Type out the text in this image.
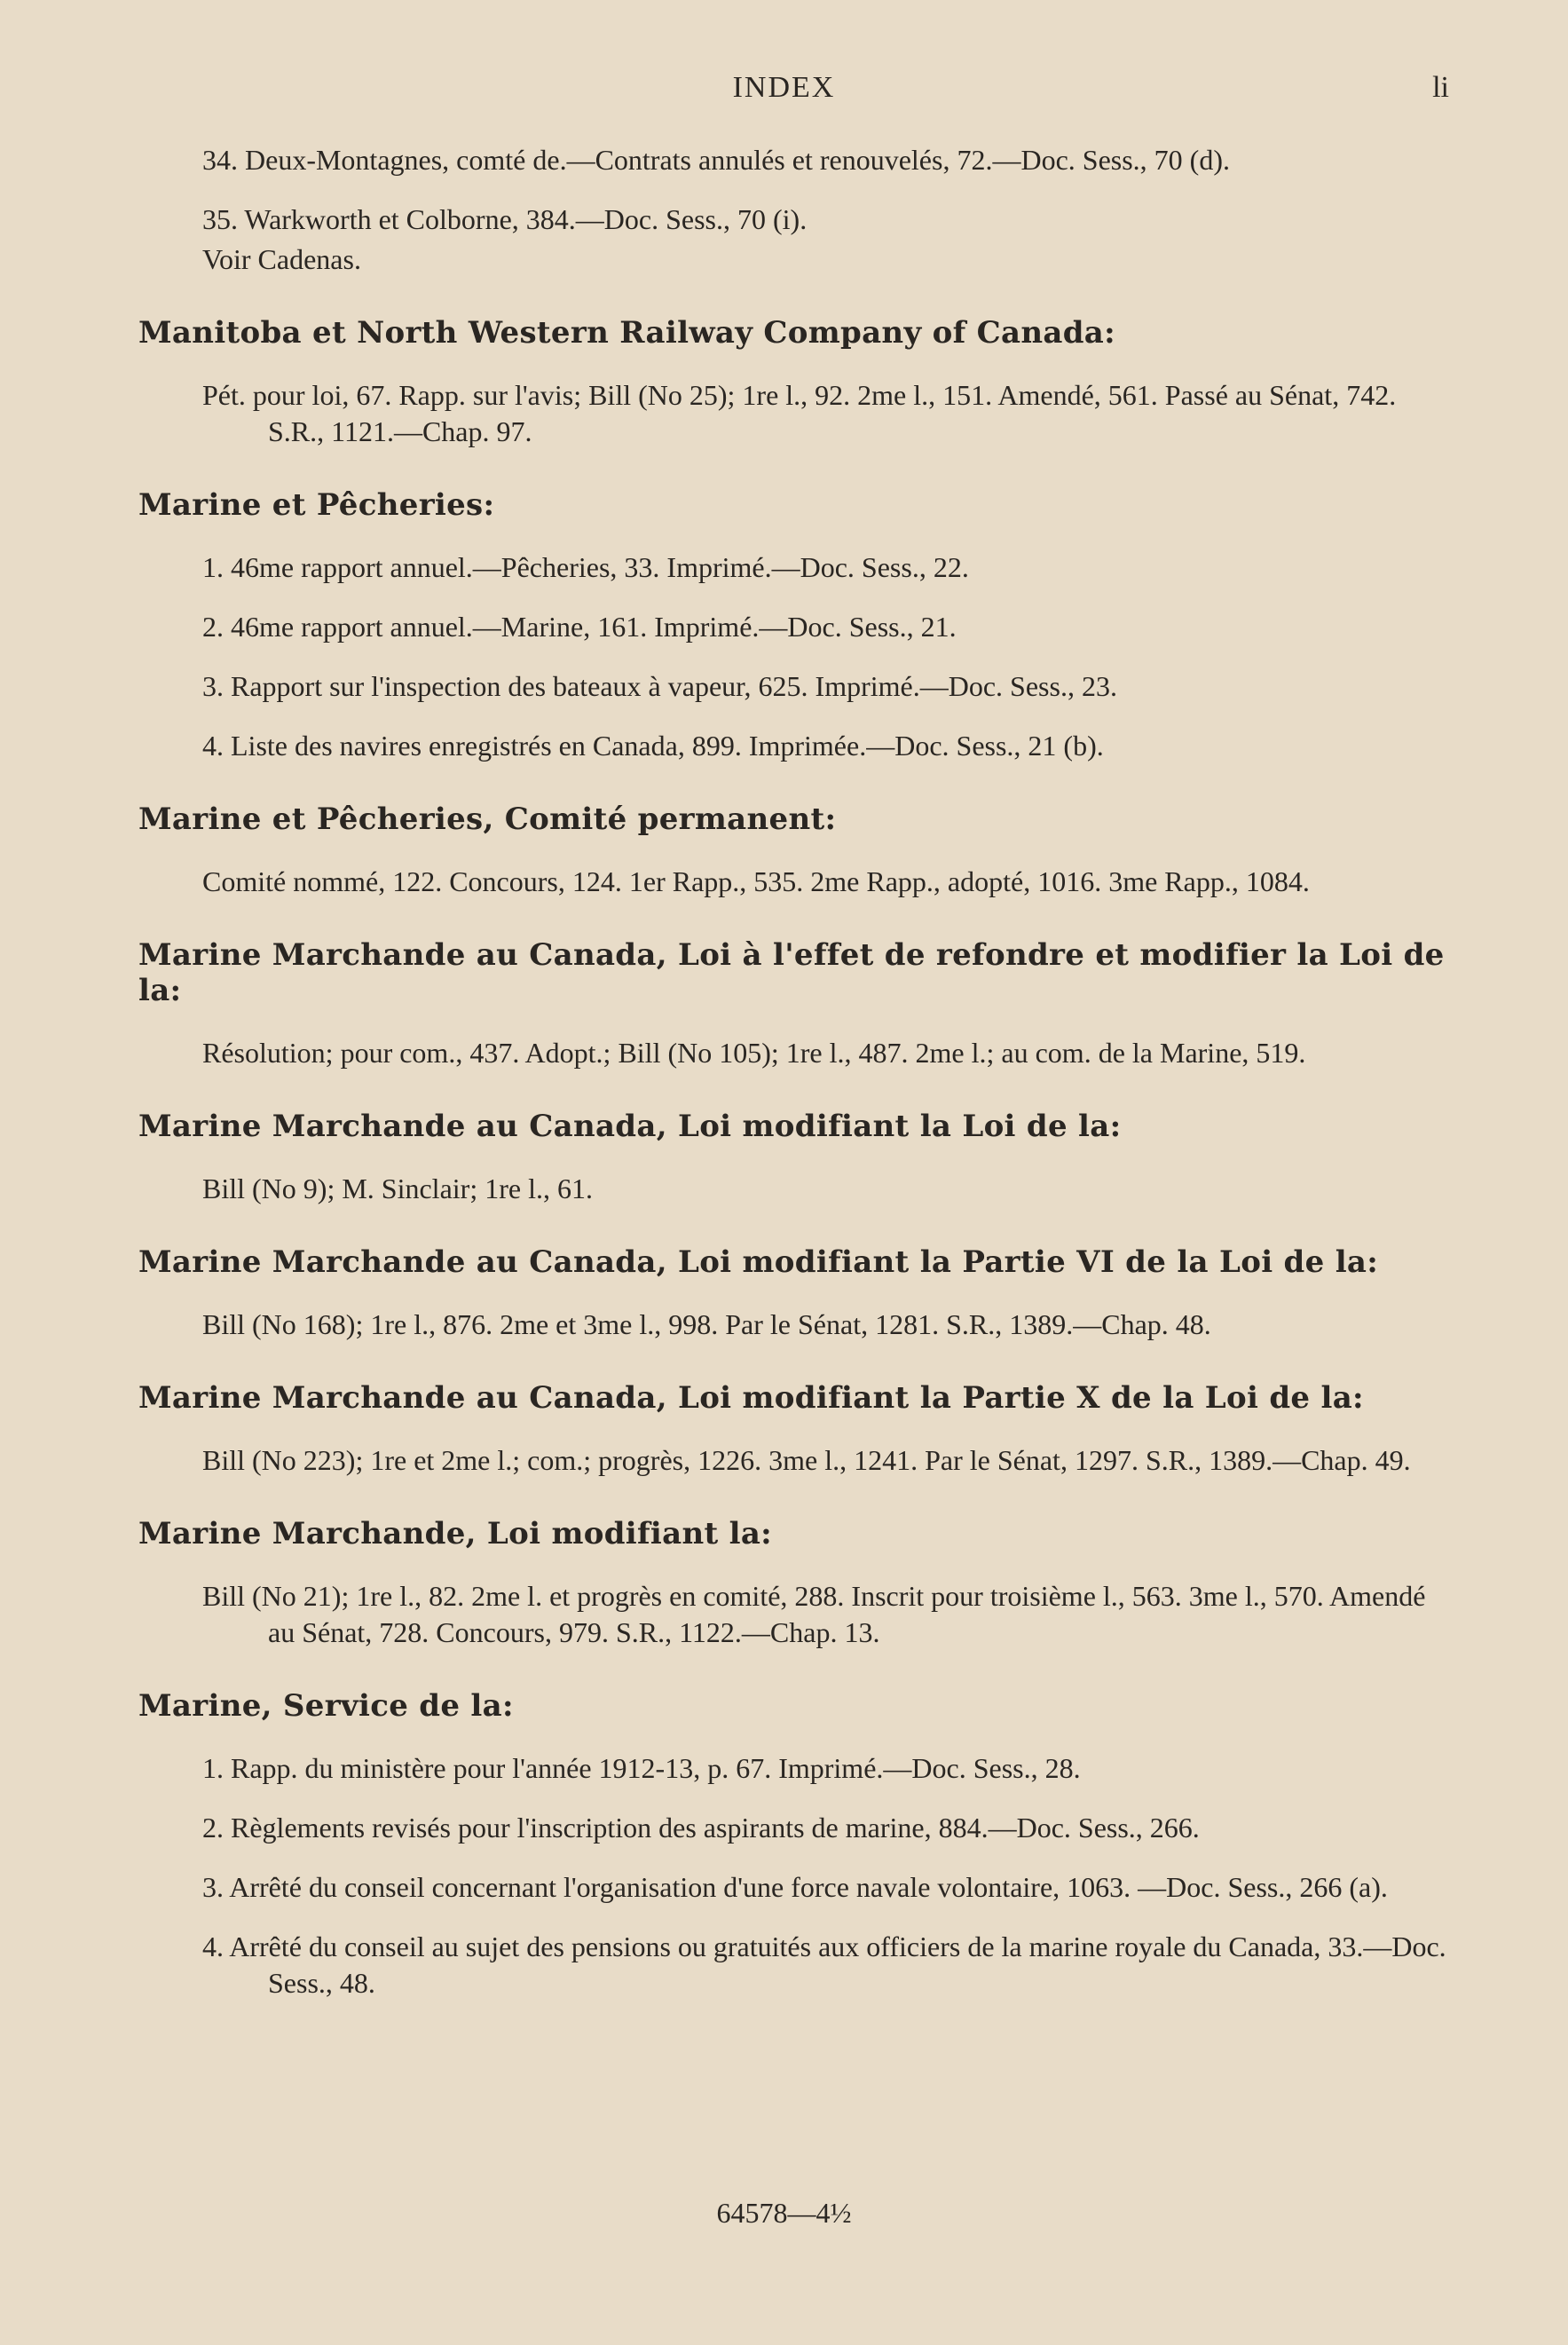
INDEX	li

34. Deux-Montagnes, comté de.—Contrats annulés et renouvelés, 72.—Doc. Sess., 70 (d).

35. Warkworth et Colborne, 384.—Doc. Sess., 70 (i).

Voir Cadenas.

Manitoba et North Western Railway Company of Canada:

Pét. pour loi, 67. Rapp. sur l'avis; Bill (No 25); 1re l., 92. 2me l., 151. Amendé, 561. Passé au Sénat, 742. S.R., 1121.—Chap. 97.

Marine et Pêcheries:

1. 46me rapport annuel.—Pêcheries, 33. Imprimé.—Doc. Sess., 22.

2. 46me rapport annuel.—Marine, 161. Imprimé.—Doc. Sess., 21.

3. Rapport sur l'inspection des bateaux à vapeur, 625. Imprimé.—Doc. Sess., 23.

4. Liste des navires enregistrés en Canada, 899. Imprimée.—Doc. Sess., 21 (b).

Marine et Pêcheries, Comité permanent:

Comité nommé, 122. Concours, 124. 1er Rapp., 535. 2me Rapp., adopté, 1016. 3me Rapp., 1084.

Marine Marchande au Canada, Loi à l'effet de refondre et modifier la Loi de la:

Résolution; pour com., 437. Adopt.; Bill (No 105); 1re l., 487. 2me l.; au com. de la Marine, 519.

Marine Marchande au Canada, Loi modifiant la Loi de la:

Bill (No 9); M. Sinclair; 1re l., 61.

Marine Marchande au Canada, Loi modifiant la Partie VI de la Loi de la:

Bill (No 168); 1re l., 876. 2me et 3me l., 998. Par le Sénat, 1281. S.R., 1389.—Chap. 48.

Marine Marchande au Canada, Loi modifiant la Partie X de la Loi de la:

Bill (No 223); 1re et 2me l.; com.; progrès, 1226. 3me l., 1241. Par le Sénat, 1297. S.R., 1389.—Chap. 49.

Marine Marchande, Loi modifiant la:

Bill (No 21); 1re l., 82. 2me l. et progrès en comité, 288. Inscrit pour troisième l., 563. 3me l., 570. Amendé au Sénat, 728. Concours, 979. S.R., 1122.—Chap. 13.

Marine, Service de la:

1. Rapp. du ministère pour l'année 1912-13, p. 67. Imprimé.—Doc. Sess., 28.

2. Règlements revisés pour l'inscription des aspirants de marine, 884.—Doc. Sess., 266.

3. Arrêté du conseil concernant l'organisation d'une force navale volontaire, 1063. —Doc. Sess., 266 (a).

4. Arrêté du conseil au sujet des pensions ou gratuités aux officiers de la marine royale du Canada, 33.—Doc. Sess., 48.

64578—4½
